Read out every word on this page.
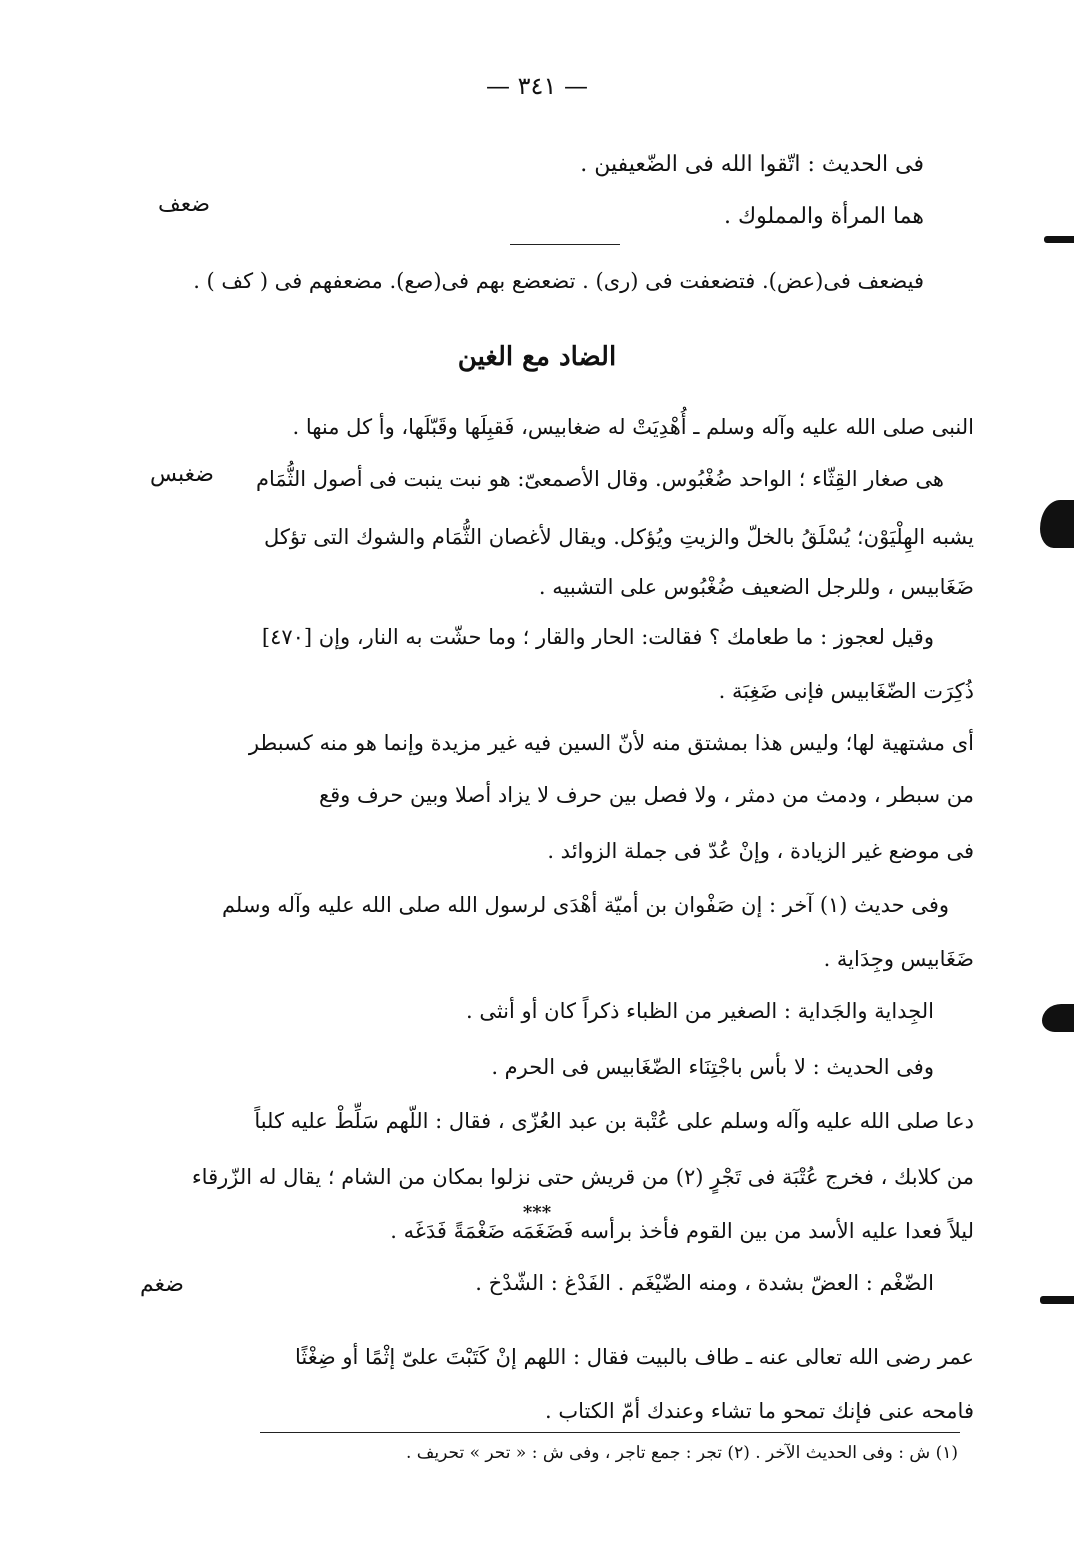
— ٣٤١ —
ضعف
ضغبس
ضغم
فى الحديث : اتّقوا الله فى الضّعيفين .
هما المرأة والمملوك .
فيضعف فى(عض). فتضعفت فى (رى) . تضعضع بهم فى(صع). مضعفهم فى ( كف ) .
الضاد مع الغين
النبى صلى الله عليه وآله وسلم ـ أُهْدِيَتْ له ضغابيس، فَقبِلَها وقَبّلَها، وأ كل منها .
هى صغار القِثّاء ؛ الواحد ضُغْبُوس. وقال الأصمعىّ: هو نبت ينبت فى أصول الثُّمَام
يشبه الهِلْيَوْن؛ يُسْلَقُ بالخلّ والزيتِ ويُؤكل. ويقال لأغصان الثُّمَام والشوك التى تؤكل
ضَغَابيس ، وللرجل الضعيف ضُغْبُوس على التشبيه .
وقيل لعجوز : ما طعامك ؟ فقالت: الحار والقار ؛ وما حشّت به النار، وإن [٤٧٠]
ذُكِرَت الضّغَابيس فإنى ضَغِبَة .
أى مشتهية لها؛ وليس هذا بمشتق منه لأنّ السين فيه غير مزيدة وإنما هو منه كسبطر
من سبطر ، ودمث من دمثر ، ولا فصل بين حرف لا يزاد أصلا وبين حرف وقع
فى موضع غير الزيادة ، وإنْ عُدّ فى جملة الزوائد .
وفى حديث (١) آخر : إن صَفْوان بن أميّة أهْدَى لرسول الله صلى الله عليه وآله وسلم
ضَغَابيس وجِدَاية .
الجِداية والجَداية : الصغير من الظباء ذكراً كان أو أنثى .
وفى الحديث : لا بأس باجْتِنَاء الضّغَابيس فى الحرم .
دعا صلى الله عليه وآله وسلم على عُتْبة بن عبد العُزّى ، فقال : اللّهم سَلِّطْ عليه كلباً
من كلابك ، فخرج عُتْبَة فى تَجْرٍ (٢) من قريش حتى نزلوا بمكان من الشام ؛ يقال له الزّرقاء
ليلاً فعدا عليه الأسد من بين القوم فأخذ برأسه فَضَغَمَه ضَغْمَةً فَدَغَه .
الضّغْم : العضّ بشدة ، ومنه الضّيْغَم . الفَدْغ : الشّدْخ .
***
عمر رضى الله تعالى عنه ـ طاف بالبيت فقال : اللهم إنْ كَتَبْتَ علىّ إثْمًا أو ضِغْثًا
فامحه عنى فإنك تمحو ما تشاء وعندك أمّ الكتاب .
(١) ش : وفى الحديث الآخر . (٢) تجر : جمع تاجر ، وفى ش : « تحر » تحريف .
